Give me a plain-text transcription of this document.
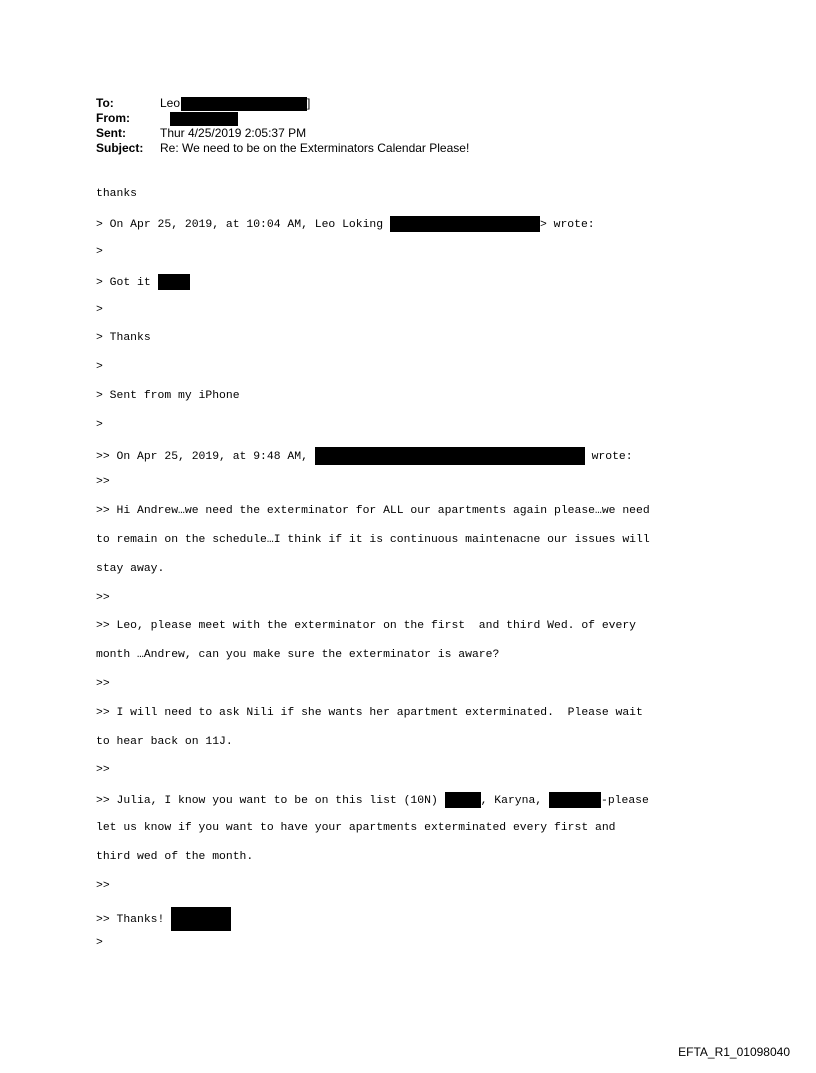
To:	Leo	]
From:
Sent:	Thur 4/25/2019 2:05:37 PM
Subject: Re: We need to be on the Exterminators Calendar Please!

thanks

> On Apr 25, 2019, at 10:04 AM, Leo Loking	> wrote:

>

> Got it

>

> Thanks

>

> Sent from my iPhone

>

>> On Apr 25, 2019, at 9:48 AM,	wrote:

>>

>> Hi Andrew…we need the exterminator for ALL our apartments again please…we need

to remain on the schedule…I think if it is continuous maintenacne our issues will

stay away.

>>

>> Leo, please meet with the exterminator on the first  and third Wed. of every

month …Andrew, can you make sure the exterminator is aware?

>>

>> I will need to ask Nili if she wants her apartment exterminated.  Please wait

to hear back on 11J.

>>

>> Julia, I know you want to be on this list (10N)	, Karyna,	-please

let us know if you want to have your apartments exterminated every first and

third wed of the month.

>>

>> Thanks!

>

EFTA_R1_01098040
